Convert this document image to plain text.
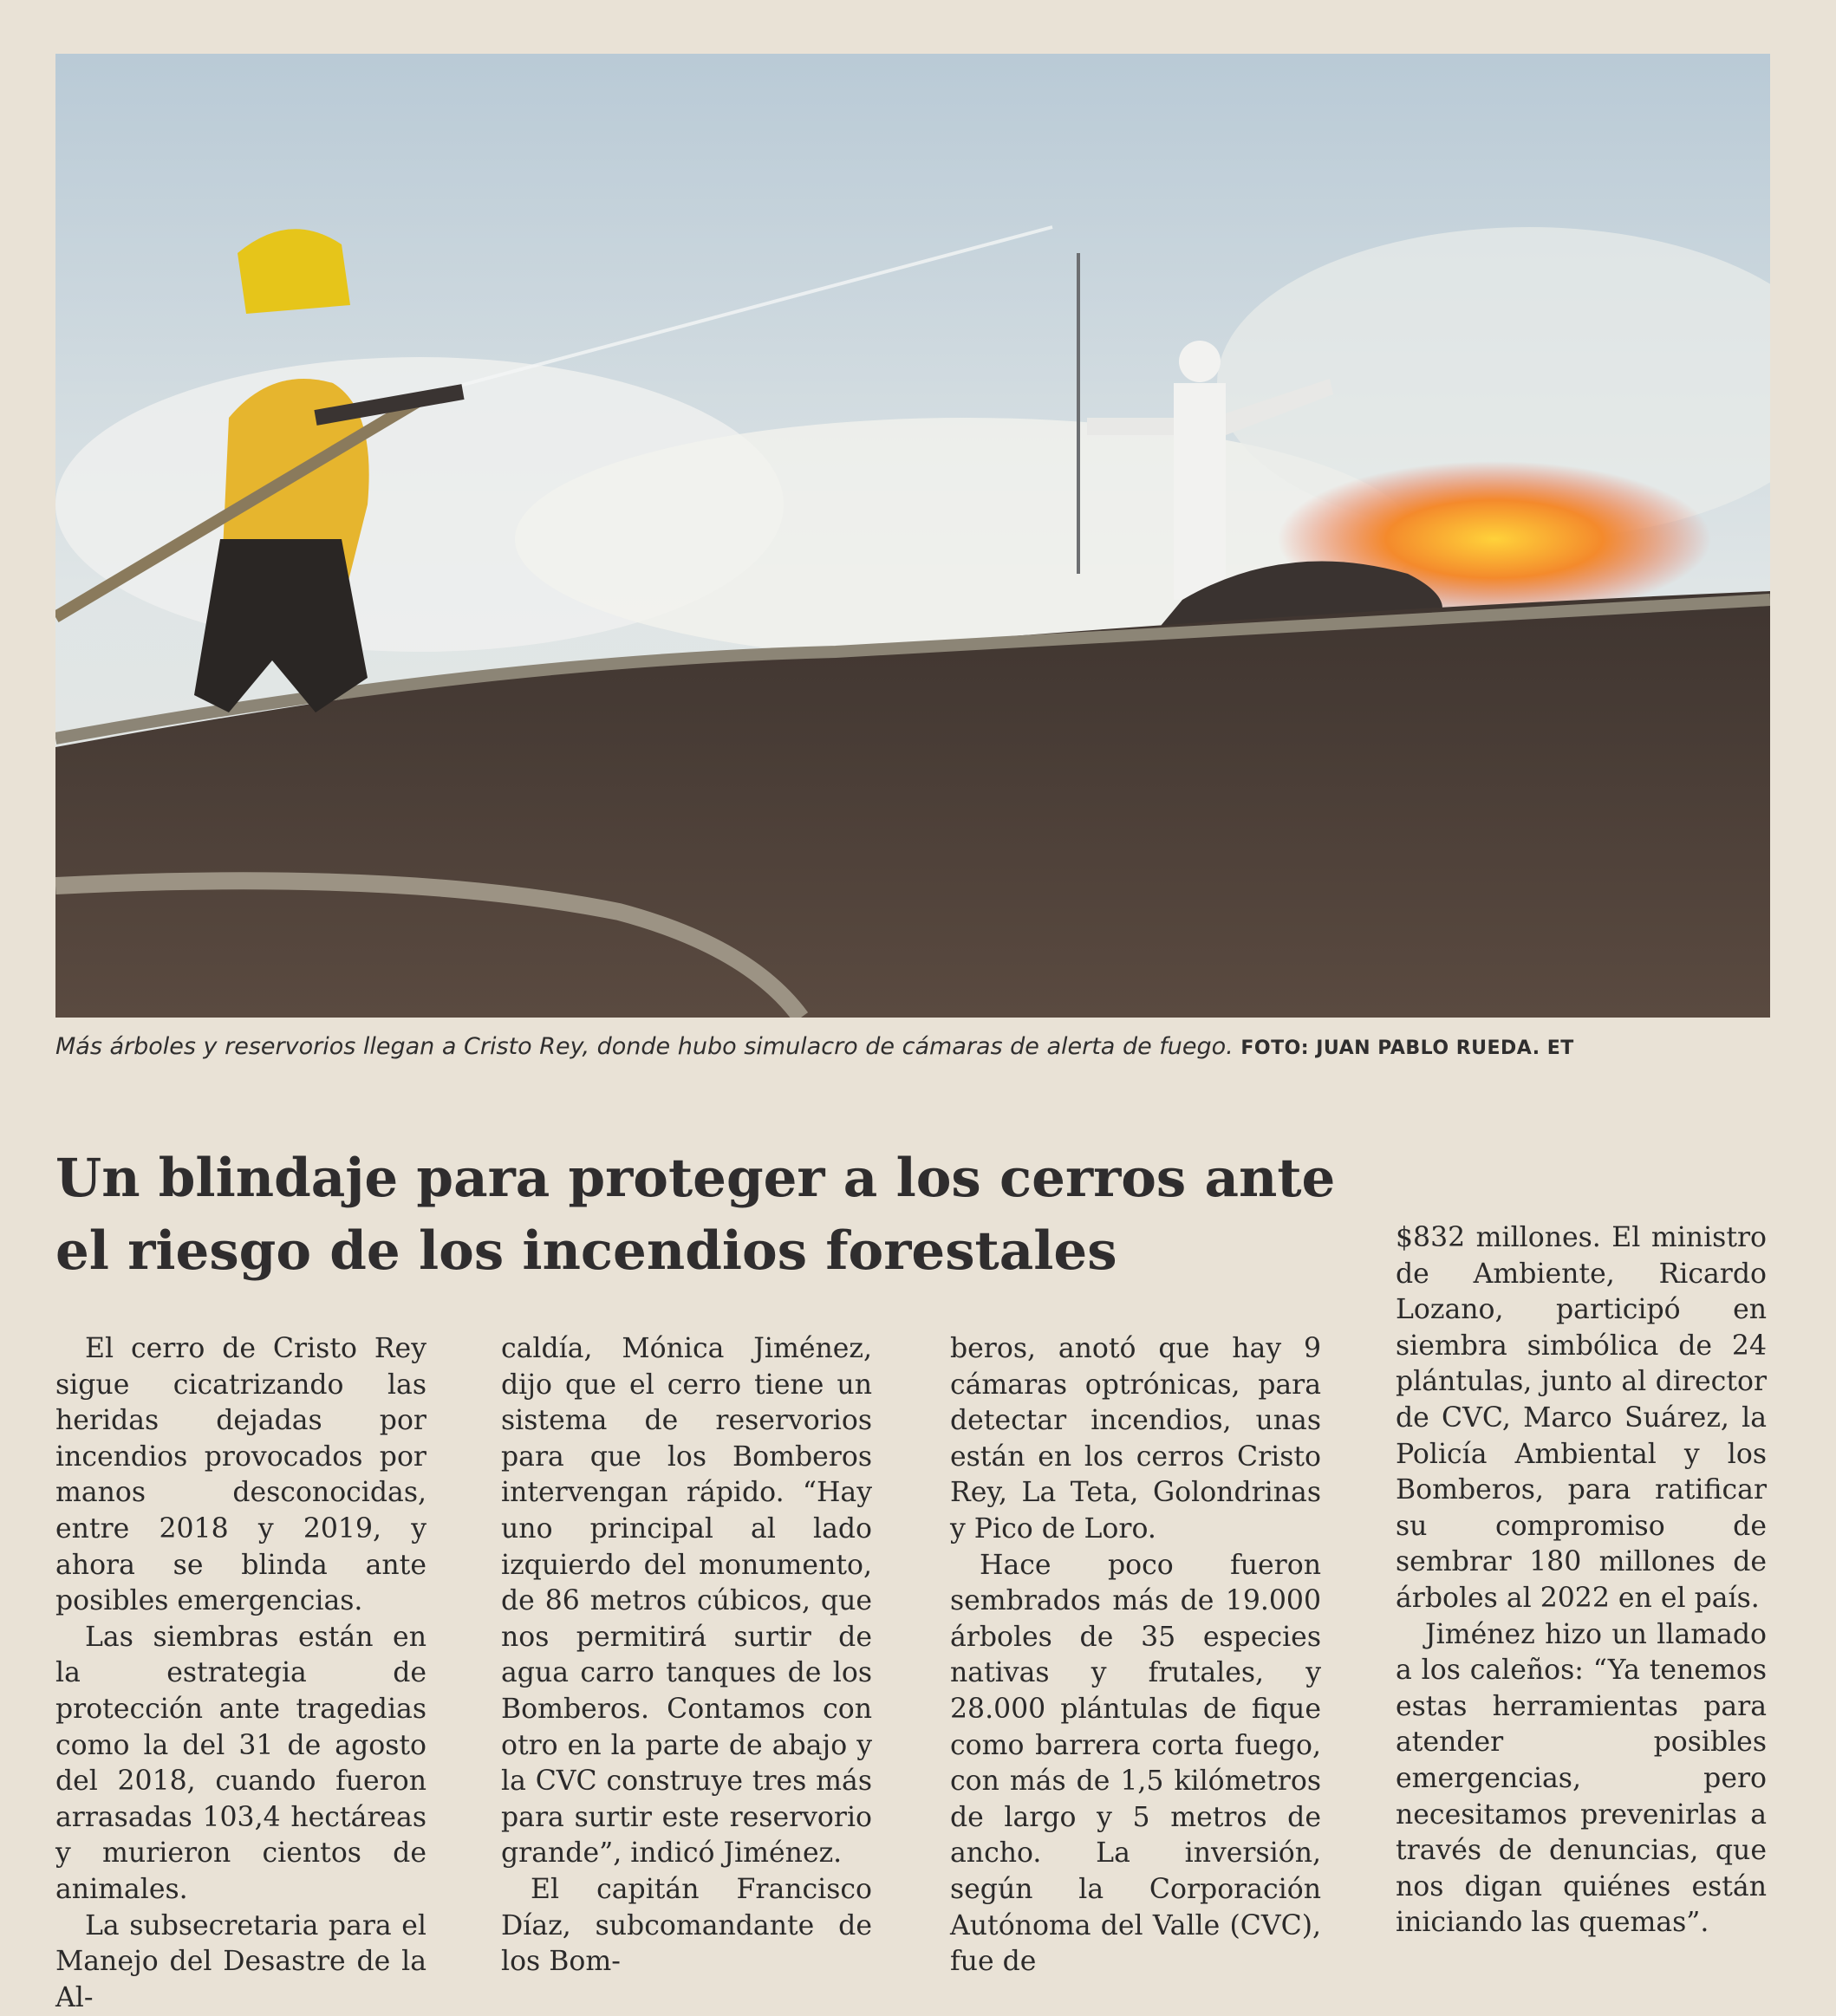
Más árboles y reservorios llegan a Cristo Rey, donde hubo simulacro de cámaras de alerta de fuego. FOTO: JUAN PABLO RUEDA. ET
Un blindaje para proteger a los cerros ante el riesgo de los incendios forestales

El cerro de Cristo Rey sigue cicatrizando las heridas dejadas por incendios provocados por manos desconocidas, entre 2018 y 2019, y ahora se blinda ante posibles emergencias.

Las siembras están en la estrategia de protección ante tragedias como la del 31 de agosto del 2018, cuando fueron arrasadas 103,4 hectáreas y murieron cientos de animales.

La subsecretaria para el Manejo del Desastre de la Al-

caldía, Mónica Jiménez, dijo que el cerro tiene un sistema de reservorios para que los Bomberos intervengan rápido. “Hay uno principal al lado izquierdo del monumento, de 86 metros cúbicos, que nos permitirá surtir de agua carro tanques de los Bomberos. Contamos con otro en la parte de abajo y la CVC construye tres más para surtir este reservorio grande”, indicó Jiménez.

El capitán Francisco Díaz, subcomandante de los Bom-

beros, anotó que hay 9 cámaras optrónicas, para detectar incendios, unas están en los cerros Cristo Rey, La Teta, Golondrinas y Pico de Loro.

Hace poco fueron sembrados más de 19.000 árboles de 35 especies nativas y frutales, y 28.000 plántulas de fique como barrera corta fuego, con más de 1,5 kilómetros de largo y 5 metros de ancho. La inversión, según la Corporación Autónoma del Valle (CVC), fue de

$832 millones. El ministro de Ambiente, Ricardo Lozano, participó en siembra simbólica de 24 plántulas, junto al director de CVC, Marco Suárez, la Policía Ambiental y los Bomberos, para ratificar su compromiso de sembrar 180 millones de árboles al 2022 en el país.

Jiménez hizo un llamado a los caleños: “Ya tenemos estas herramientas para atender posibles emergencias, pero necesitamos prevenirlas a través de denuncias, que nos digan quiénes están iniciando las quemas”.
